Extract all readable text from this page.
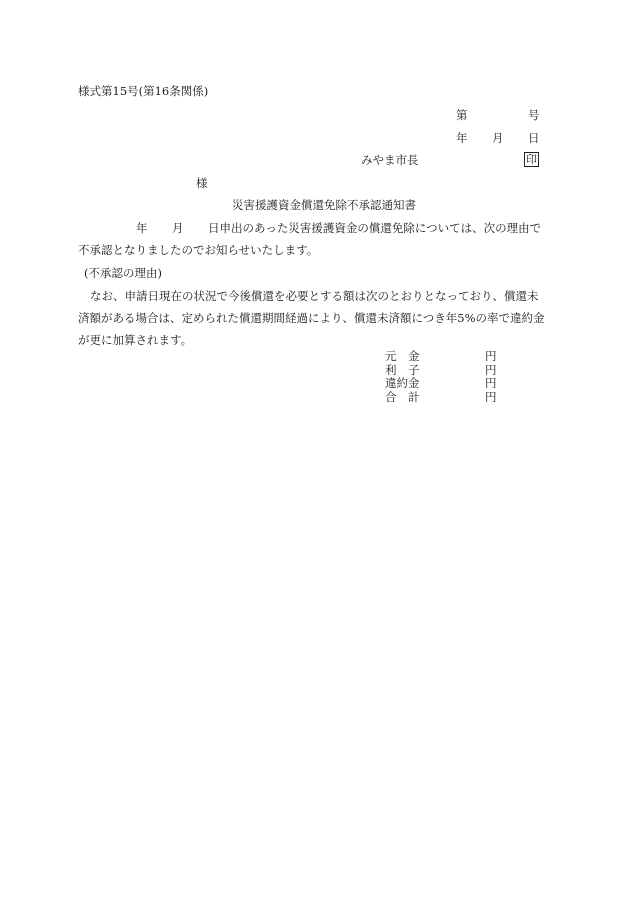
様式第15号(第16条関係)
第	号
年 月 日
みやま市長	印
様
災害援護資金償還免除不承認通知書
年 月 日申出のあった災害援護資金の償還免除については、次の理由で
不承認となりましたのでお知らせいたします。
(不承認の理由)
なお、申請日現在の状況で今後償還を必要とする額は次のとおりとなっており、償還未
済額がある場合は、定められた償還期間経過により、償還未済額につき年5%の率で違約金
が更に加算されます。
元　金	円
利　子	円
違約金	円
合　計	円
